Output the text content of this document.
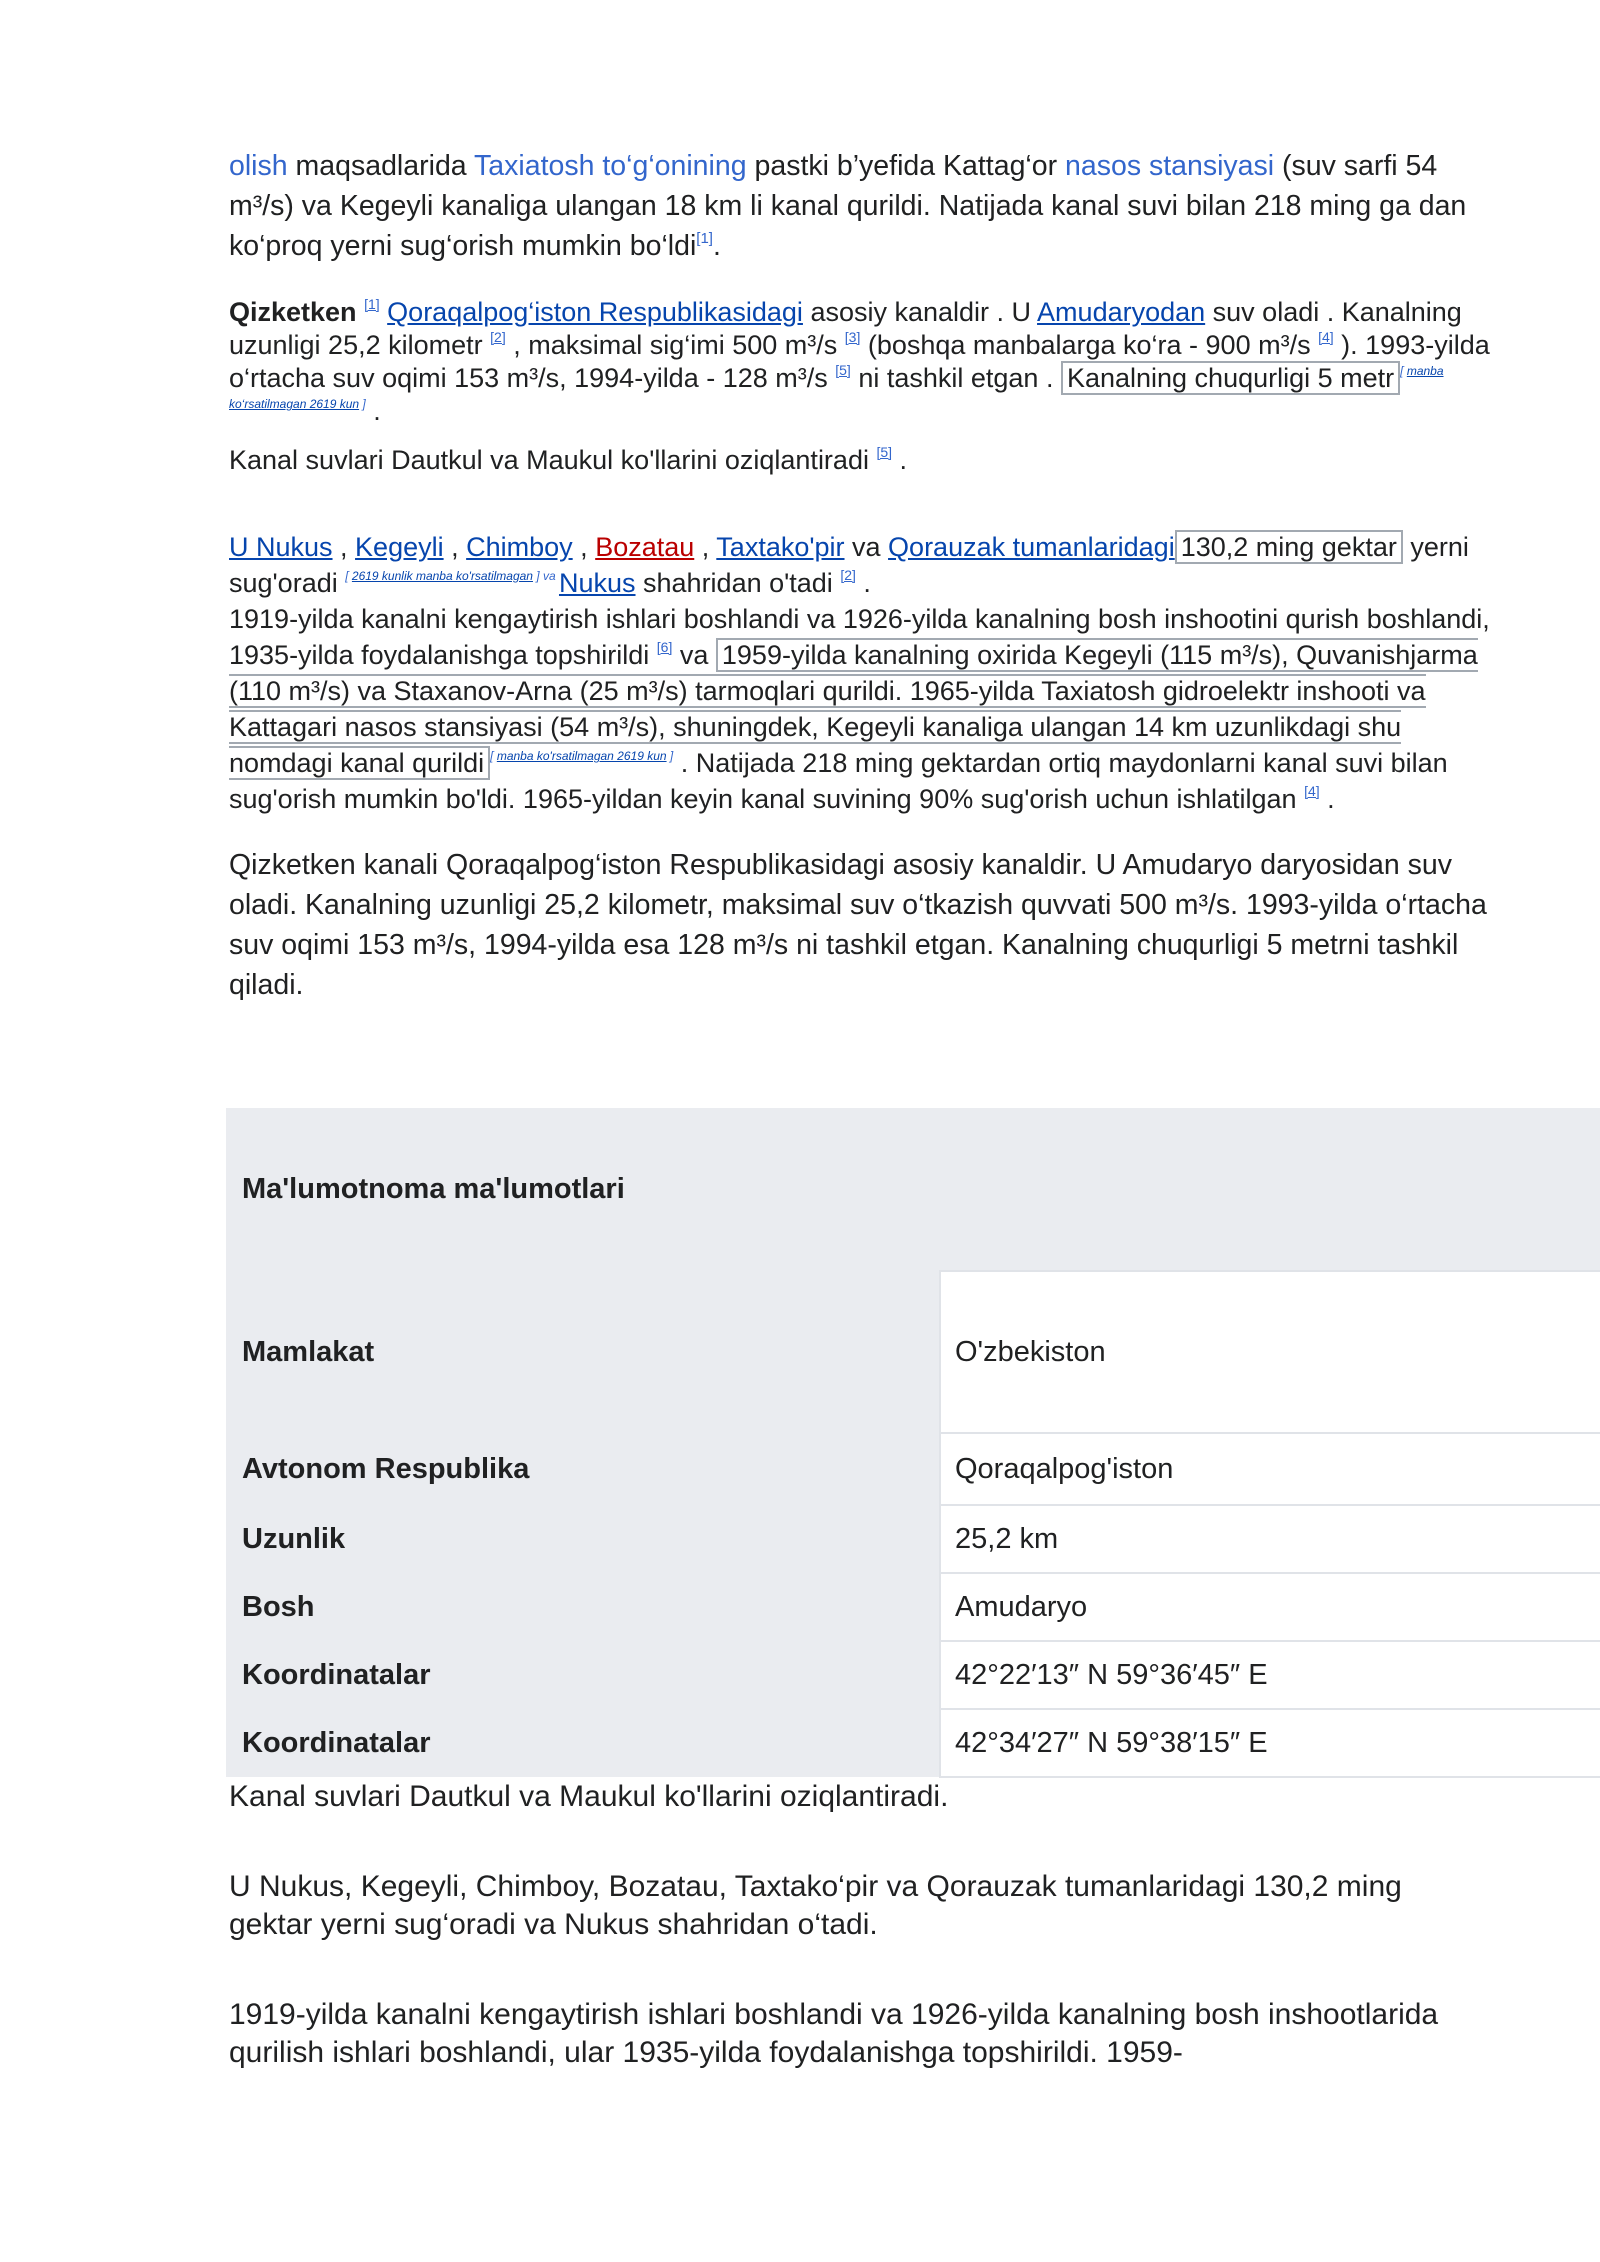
olish maqsadlarida Taxiatosh to‘g‘onining pastki b’yefida Kattag‘or nasos stansiyasi (suv sarfi 54 m³/s) va Kegeyli kanaliga ulangan 18 km li kanal qurildi. Natijada kanal suvi bilan 218 ming ga dan ko‘proq yerni sug‘orish mumkin bo‘ldi[1].

Qizketken [1] Qoraqalpog‘iston Respublikasidagi asosiy kanaldir . U Amudaryodan suv oladi . Kanalning uzunligi 25,2 kilometr [2] , maksimal sig‘imi 500 m³/s [3] (boshqa manbalarga ko‘ra - 900 m³/s [4] ). 1993-yilda o‘rtacha suv oqimi 153 m³/s, 1994-yilda - 128 m³/s [5] ni tashkil etgan . Kanalning chuqurligi 5 metr [ manba ko‘rsatilmagan 2619 kun ] .

Kanal suvlari Dautkul va Maukul ko'llarini oziqlantiradi [5] .

U Nukus , Kegeyli , Chimboy , Bozatau , Taxtako'pir va Qorauzak tumanlaridagi 130,2 ming gektar yerni sug'oradi $^{[ 2619 kunlik manba ko'rsatilmagan ] va}$ Nukus shahridan o'tadi [2] .
1919-yilda kanalni kengaytirish ishlari boshlandi va 1926-yilda kanalning bosh inshootini qurish boshlandi, 1935-yilda foydalanishga topshirildi [6] va 1959-yilda kanalning oxirida Kegeyli (115 m³/s), Quvanishjarma (110 m³/s) va Staxanov-Arna (25 m³/s) tarmoqlari qurildi. 1965-yilda Taxiatosh gidroelektr inshooti va Kattagari nasos stansiyasi (54 m³/s), shuningdek, Kegeyli kanaliga ulangan 14 km uzunlikdagi shu nomdagi kanal qurildi [ manba ko'rsatilmagan 2619 kun ] . Natijada 218 ming gektardan ortiq maydonlarni kanal suvi bilan sug'orish mumkin bo'ldi. 1965-yildan keyin kanal suvining 90% sug'orish uchun ishlatilgan [4] .

Qizketken kanali Qoraqalpog‘iston Respublikasidagi asosiy kanaldir. U Amudaryo daryosidan suv oladi. Kanalning uzunligi 25,2 kilometr, maksimal suv o‘tkazish quvvati 500 m³/s. 1993-yilda o‘rtacha suv oqimi 153 m³/s, 1994-yilda esa 128 m³/s ni tashkil etgan. Kanalning chuqurligi 5 metrni tashkil qiladi.

Ma'lumotnoma ma'lumotlari	
Mamlakat	O'zbekiston
Avtonom Respublika	Qoraqalpog'iston
Uzunlik	25,2 km
Bosh	Amudaryo
Koordinatalar	42°22′13″ N 59°36′45″ E
Koordinatalar	42°34′27″ N 59°38′15″ E

Kanal suvlari Dautkul va Maukul ko'llarini oziqlantiradi.

U Nukus, Kegeyli, Chimboy, Bozatau, Taxtako‘pir va Qorauzak tumanlaridagi 130,2 ming gektar yerni sug‘oradi va Nukus shahridan o‘tadi.

1919-yilda kanalni kengaytirish ishlari boshlandi va 1926-yilda kanalning bosh inshootlarida qurilish ishlari boshlandi, ular 1935-yilda foydalanishga topshirildi. 1959-
